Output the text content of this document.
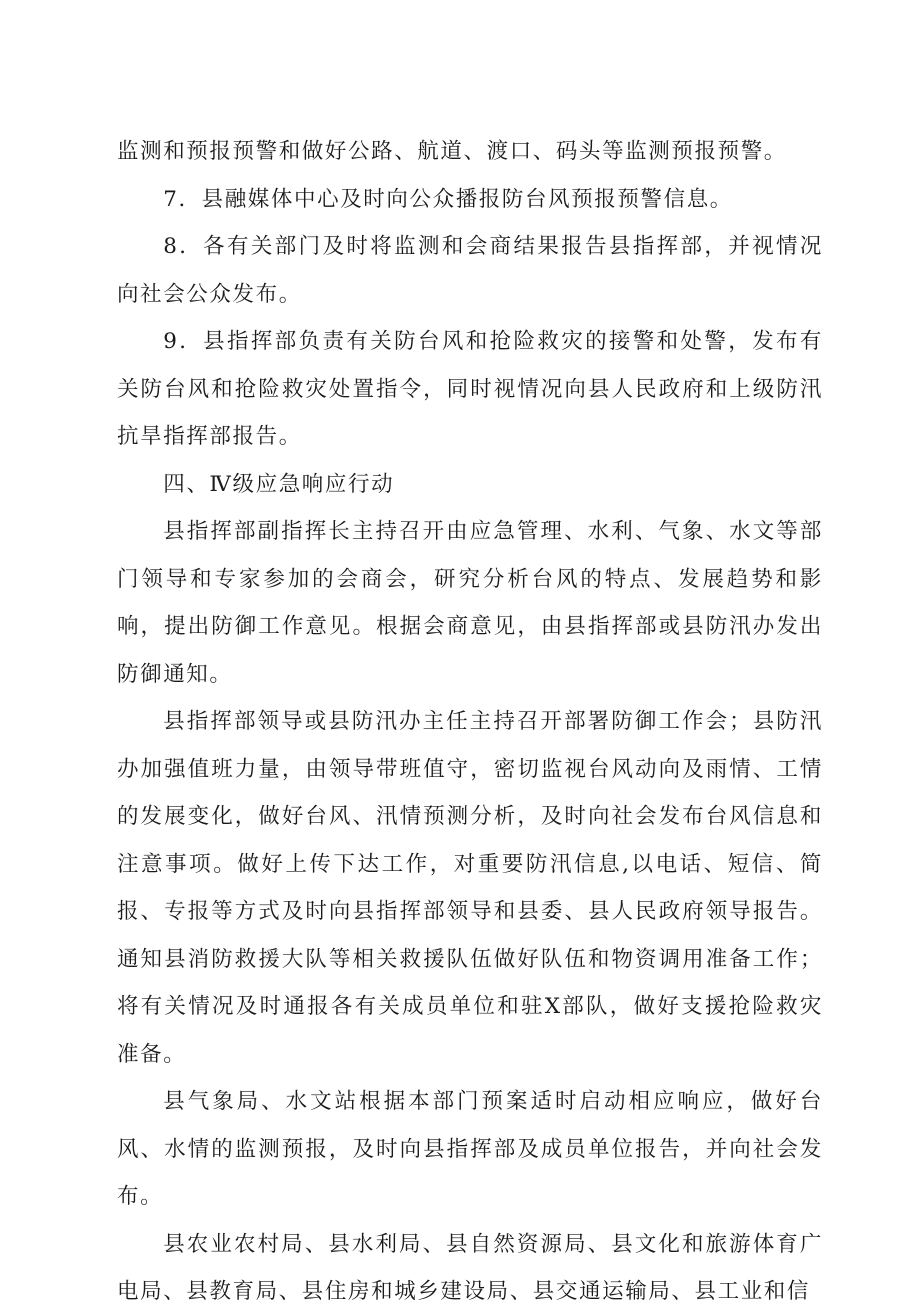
监测和预报预警和做好公路、航道、渡口、码头等监测预报预警。

7．县融媒体中心及时向公众播报防台风预报预警信息。

8．各有关部门及时将监测和会商结果报告县指挥部，并视情况向社会公众发布。

9．县指挥部负责有关防台风和抢险救灾的接警和处警，发布有关防台风和抢险救灾处置指令，同时视情况向县人民政府和上级防汛抗旱指挥部报告。

四、Ⅳ级应急响应行动

县指挥部副指挥长主持召开由应急管理、水利、气象、水文等部门领导和专家参加的会商会，研究分析台风的特点、发展趋势和影响，提出防御工作意见。根据会商意见，由县指挥部或县防汛办发出防御通知。

县指挥部领导或县防汛办主任主持召开部署防御工作会；县防汛办加强值班力量，由领导带班值守，密切监视台风动向及雨情、工情的发展变化，做好台风、汛情预测分析，及时向社会发布台风信息和注意事项。做好上传下达工作，对重要防汛信息,以电话、短信、简报、专报等方式及时向县指挥部领导和县委、县人民政府领导报告。通知县消防救援大队等相关救援队伍做好队伍和物资调用准备工作；将有关情况及时通报各有关成员单位和驻X部队，做好支援抢险救灾准备。

县气象局、水文站根据本部门预案适时启动相应响应，做好台风、水情的监测预报，及时向县指挥部及成员单位报告，并向社会发布。

县农业农村局、县水利局、县自然资源局、县文化和旅游体育广电局、县教育局、县住房和城乡建设局、县交通运输局、县工业和信
